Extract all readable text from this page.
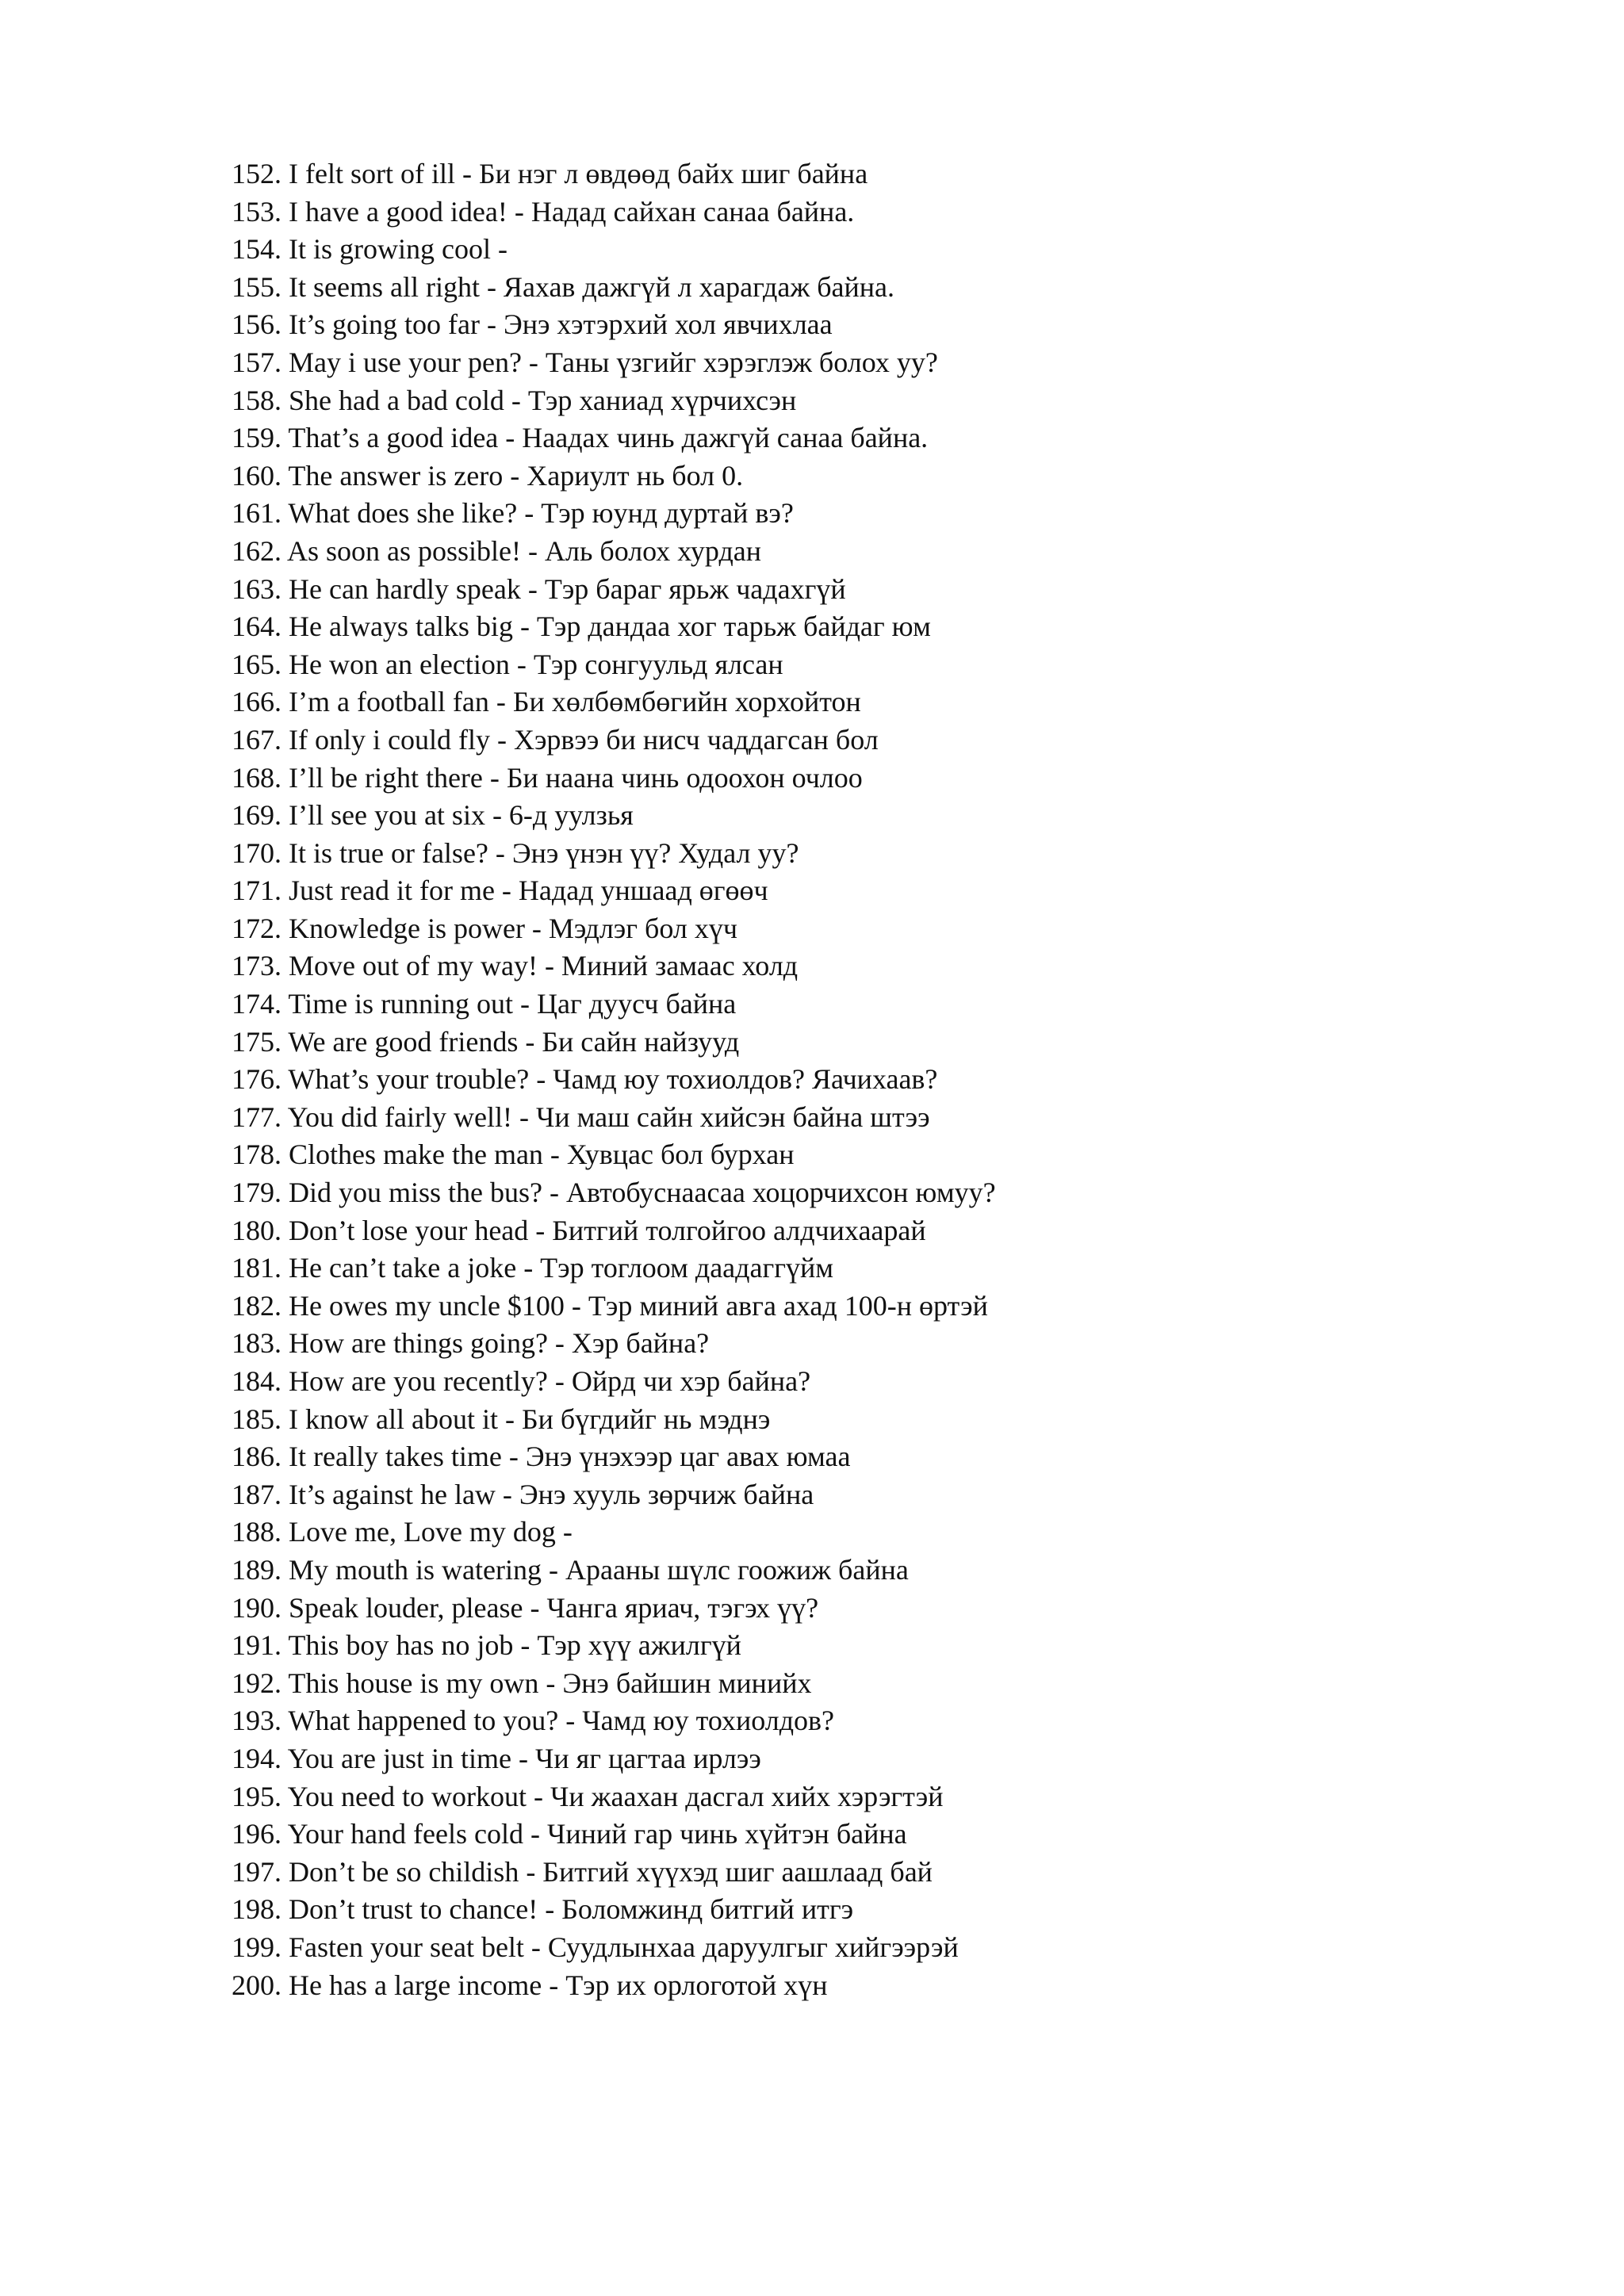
152. I felt sort of ill - Би нэг л өвдөөд байх шиг байна
153. I have a good idea! - Надад сайхан санаа байна.
154. It is growing cool -
155. It seems all right - Яахав дажгүй л харагдаж байна.
156. It’s going too far - Энэ хэтэрхий хол явчихлаа
157. May i use your pen? - Таны үзгийг хэрэглэж болох уу?
158. She had a bad cold - Тэр ханиад хүрчихсэн
159. That’s a good idea - Наадах чинь дажгүй санаа байна.
160. The answer is zero - Хариулт нь бол 0.
161. What does she like? - Тэр юунд дуртай вэ?
162. As soon as possible! - Аль болох хурдан
163. He can hardly speak - Тэр бараг ярьж чадахгүй
164. He always talks big - Тэр дандаа хог тарьж байдаг юм
165. He won an election - Тэр сонгуульд ялсан
166. I’m a football fan - Би хөлбөмбөгийн хорхойтон
167. If only i could fly - Хэрвээ би нисч чаддагсан бол
168. I’ll be right there - Би наана чинь одоохон очлоо
169. I’ll see you at six - 6-д уулзья
170. It is true or false? - Энэ үнэн үү? Худал уу?
171. Just read it for me - Надад уншаад өгөөч
172. Knowledge is power - Мэдлэг бол хүч
173. Move out of my way! - Миний замаас холд
174. Time is running out - Цаг дуусч байна
175. We are good friends - Би сайн найзууд
176. What’s your trouble? - Чамд юу тохиолдов? Яачихаав?
177. You did fairly well! - Чи маш сайн хийсэн байна штээ
178. Clothes make the man - Хувцас бол бурхан
179. Did you miss the bus? - Автобуснаасаа хоцорчихсон юмуу?
180. Don’t lose your head - Битгий толгойгоо алдчихаарай
181. He can’t take a joke - Тэр тоглоом даадаггүйм
182. He owes my uncle $100 - Тэр миний авга ахад 100-н өртэй
183. How are things going? - Хэр байна?
184. How are you recently? - Ойрд чи хэр байна?
185. I know all about it - Би бүгдийг нь мэднэ
186. It really takes time - Энэ үнэхээр цаг авах юмаа
187. It’s against he law - Энэ хууль зөрчиж байна
188. Love me, Love my dog -
189. My mouth is watering - Арааны шүлс гоожиж байна
190. Speak louder, please - Чанга яриач, тэгэх үү?
191. This boy has no job - Тэр хүү ажилгүй
192. This house is my own - Энэ байшин минийх
193. What happened to you? - Чамд юу тохиолдов?
194. You are just in time - Чи яг цагтаа ирлээ
195. You need to workout - Чи жаахан дасгал хийх хэрэгтэй
196. Your hand feels cold - Чиний гар чинь хүйтэн байна
197. Don’t be so childish - Битгий хүүхэд шиг аашлаад бай
198. Don’t trust to chance! - Боломжинд битгий итгэ
199. Fasten your seat belt - Суудлынхаа даруулгыг хийгээрэй
200. He has a large income - Тэр их орлоготой хүн
